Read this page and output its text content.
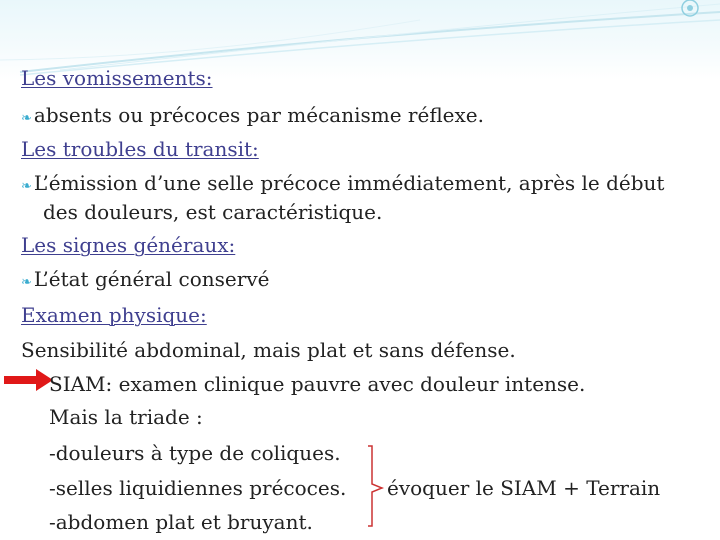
Les vomissements:
❧ absents ou précoces par mécanisme réflexe.
Les troubles du transit:
❧ L’émission d’une selle précoce immédiatement, après le début
des douleurs, est caractéristique.
Les signes généraux:
❧ L’état général conservé
Examen physique:
Sensibilité abdominal, mais plat et sans défense.
SIAM: examen clinique pauvre avec douleur intense.
Mais la triade :
-douleurs à type de coliques.
-selles liquidiennes précoces.
-abdomen plat et bruyant.
évoquer le SIAM + Terrain
